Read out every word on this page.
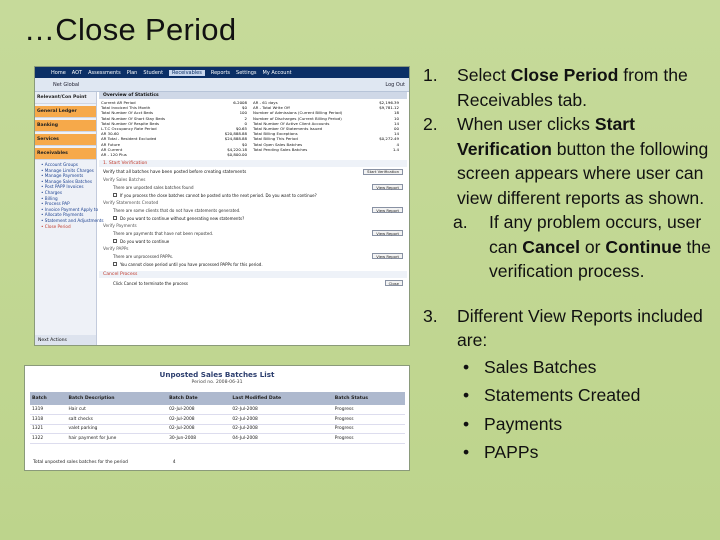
…Close Period
Home AOT Assessments Plan Student	Receivables	Reports Settings My Account
Net Global	Log Out
Relevant/Con Point
General Ledger
Banking
Services
Receivables
• Account Groups
• Manage Limits Charges
• Manage Payments
• Manage Sales Batches
• Post PAPP Invoices
• Charges
• Billing
• Process PAP
• Invoice Payment Apply to
• Allocate Payments
• Statement and Adjustments
• Close Period
Next Actions
Overview of Statistics
Current AR Period	6-2008
Total Invoiced This Month	$0
Total Number Of Acct Beds	100
Total Number Of Short Stay Beds	2
Total Number Of Respite Beds	0
L.T.C Occupancy Rate Period	$0.65
AR 30-60	$20,888.88
AR Total - Resident Excluded	$24,888.88
AR Future	$0
AR Current	$4,220.18
AR - 120 Plus	$0,800.00
AR - 61 days	$2,196.39
AR - Total Write Off	$9,781.12
Number of Admissions (Current Billing Period)	18
Number of Discharges (Current Billing Period)	10
Total Number Of Active Client Accounts	14
Total Number Of Statements Issued	00
Total Billing Exceptions	14
Total Billing This Period	$0,272.49
Total Open Sales Batches	4
Total Pending Sales Batches	1.4
1. Start Verification
Verify that all batches have been posted before creating statements	Start Verification
Verify Sales Batches
There are unposted sales batches found	View Report
If you process the close batches cannot be posted unto the next period. Do you want to continue?
Verify Statements Created
There are some clients that do not have statements generated.	View Report
Do you want to continue without generating new statements?
Verify Payments
There are payments that have not been reposted.	View Report
Do you want to continue
Verify PAPPs
There are unprocessed PAPPs.	View Report
You cannot close period until you have processed PAPPs for this period.
Cancel Process
Click Cancel to terminate the process	Close
Unposted Sales Batches List
Period no. 2008-06-31
Batch	Batch Description	Batch Date	Last Modified Date	Batch Status
1319	Hair cut	02-Jul-2008	02-Jul-2008	Progress
1318	salt checks	02-Jul-2008	02-Jul-2008	Progress
1321	valet parking	02-Jul-2008	02-Jul-2008	Progress
1322	hair payment for June	30-Jun-2008	04-Jul-2008	Progress
Total unposted sales batches for the period	4
1.	Select Close Period from the Receivables tab.
2.	When user clicks Start Verification button the following screen appears where user can view different reports as shown.
a.	If any problem occurs, user can Cancel or Continue the verification process.
3.	Different View Reports included are:
• Sales Batches
• Statements Created
• Payments
• PAPPs
